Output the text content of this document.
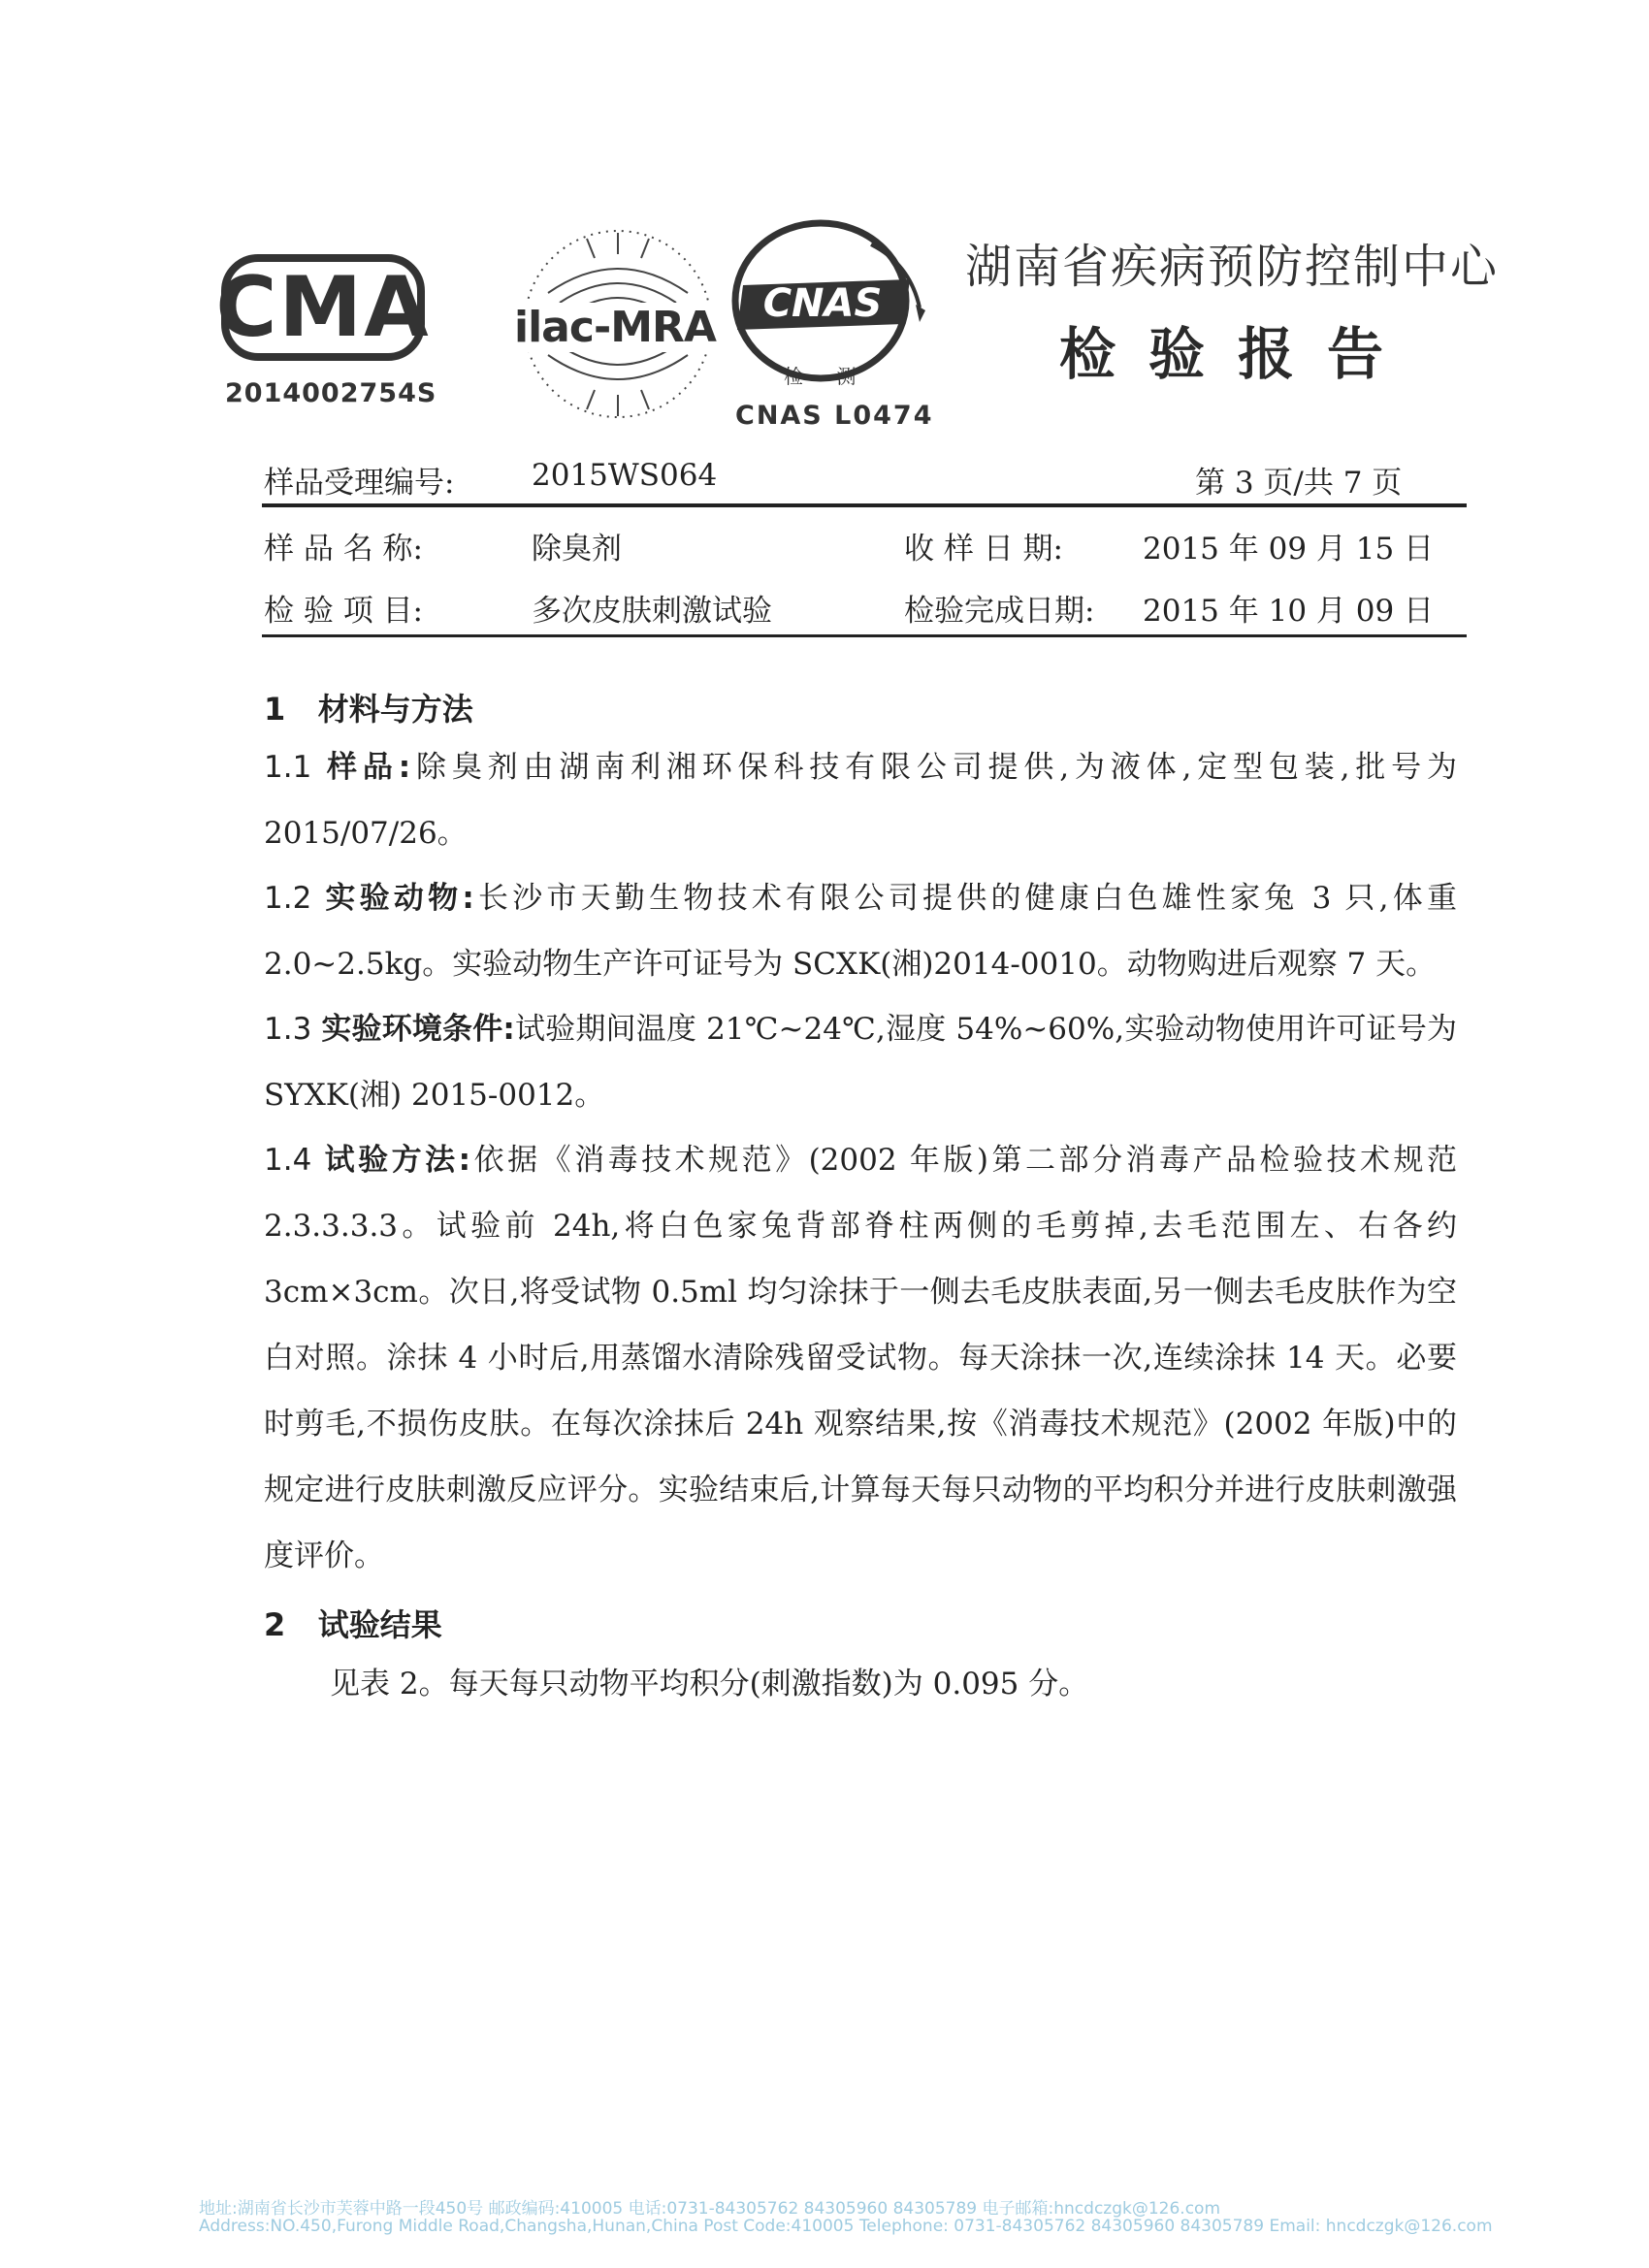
CMA
2014002754S
ilac-MRA CNAS
检 测
CNAS L0474
湖南省疾病预防控制中心
检验报告
样品受理编号:	2015WS064	第 3 页/共 7 页
样 品 名 称:	除臭剂	收 样 日 期:	2015 年 09 月 15 日
检 验 项 目:	多次皮肤刺激试验	检验完成日期: 2015 年 10 月 09 日
1 材料与方法

1.1 样品:除臭剂由湖南利湘环保科技有限公司提供,为液体,定型包装,批号为 2015/07/26。

1.2 实验动物:长沙市天勤生物技术有限公司提供的健康白色雄性家兔 3 只,体重 2.0~2.5kg。实验动物生产许可证号为 SCXK(湘)2014-0010。动物购进后观察 7 天。

1.3 实验环境条件:试验期间温度 21℃~24℃,湿度 54%~60%,实验动物使用许可证号为 SYXK(湘) 2015-0012。

1.4 试验方法:依据《消毒技术规范》(2002 年版)第二部分消毒产品检验技术规范 2.3.3.3.3。试验前 24h,将白色家兔背部脊柱两侧的毛剪掉,去毛范围左、右各约 3cm×3cm。次日,将受试物 0.5ml 均匀涂抹于一侧去毛皮肤表面,另一侧去毛皮肤作为空白对照。涂抹 4 小时后,用蒸馏水清除残留受试物。每天涂抹一次,连续涂抹 14 天。必要时剪毛,不损伤皮肤。在每次涂抹后 24h 观察结果,按《消毒技术规范》(2002 年版)中的规定进行皮肤刺激反应评分。实验结束后,计算每天每只动物的平均积分并进行皮肤刺激强度评价。

2 试验结果

见表 2。每天每只动物平均积分(刺激指数)为 0.095 分。

地址:湖南省长沙市芙蓉中路一段450号 邮政编码:410005 电话:0731-84305762 84305960 84305789 电子邮箱:hncdczgk@126.com
Address:NO.450,Furong Middle Road,Changsha,Hunan,China Post Code:410005 Telephone: 0731-84305762 84305960 84305789 Email: hncdczgk@126.com
